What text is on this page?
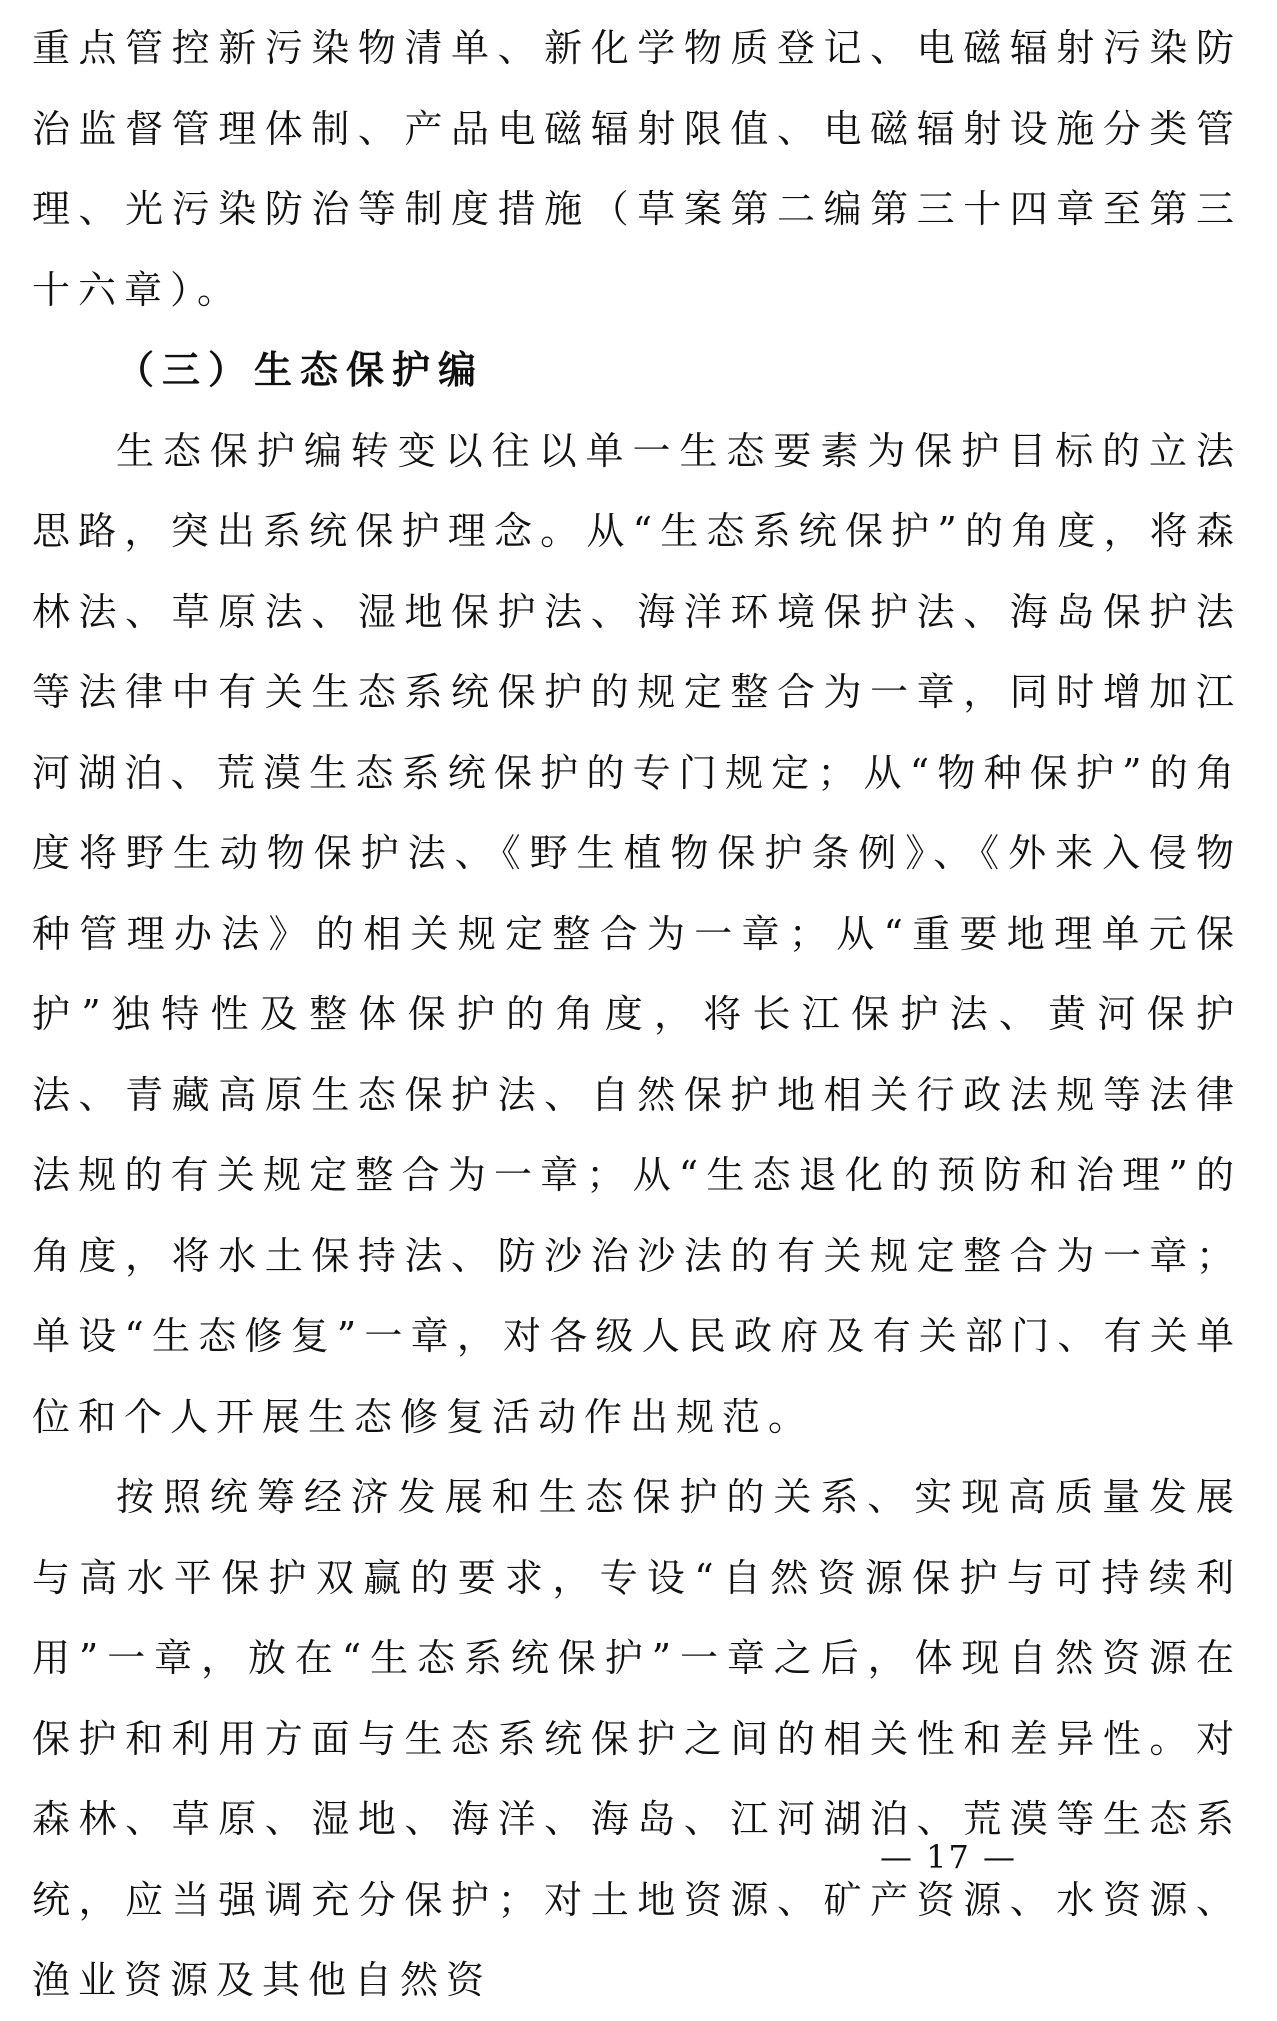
重点管控新污染物清单、新化学物质登记、电磁辐射污染防治监督管理体制、产品电磁辐射限值、电磁辐射设施分类管理、光污染防治等制度措施（草案第二编第三十四章至第三十六章）。

（三）生态保护编

生态保护编转变以往以单一生态要素为保护目标的立法思路，突出系统保护理念。从“生态系统保护”的角度，将森林法、草原法、湿地保护法、海洋环境保护法、海岛保护法等法律中有关生态系统保护的规定整合为一章，同时增加江河湖泊、荒漠生态系统保护的专门规定；从“物种保护”的角度将野生动物保护法、《野生植物保护条例》、《外来入侵物种管理办法》的相关规定整合为一章；从“重要地理单元保护”独特性及整体保护的角度，将长江保护法、黄河保护法、青藏高原生态保护法、自然保护地相关行政法规等法律法规的有关规定整合为一章；从“生态退化的预防和治理”的角度，将水土保持法、防沙治沙法的有关规定整合为一章；单设“生态修复”一章，对各级人民政府及有关部门、有关单位和个人开展生态修复活动作出规范。

按照统筹经济发展和生态保护的关系、实现高质量发展与高水平保护双赢的要求，专设“自然资源保护与可持续利用”一章，放在“生态系统保护”一章之后，体现自然资源在保护和利用方面与生态系统保护之间的相关性和差异性。对森林、草原、湿地、海洋、海岛、江河湖泊、荒漠等生态系统，应当强调充分保护；对土地资源、矿产资源、水资源、渔业资源及其他自然资

— 17 —
